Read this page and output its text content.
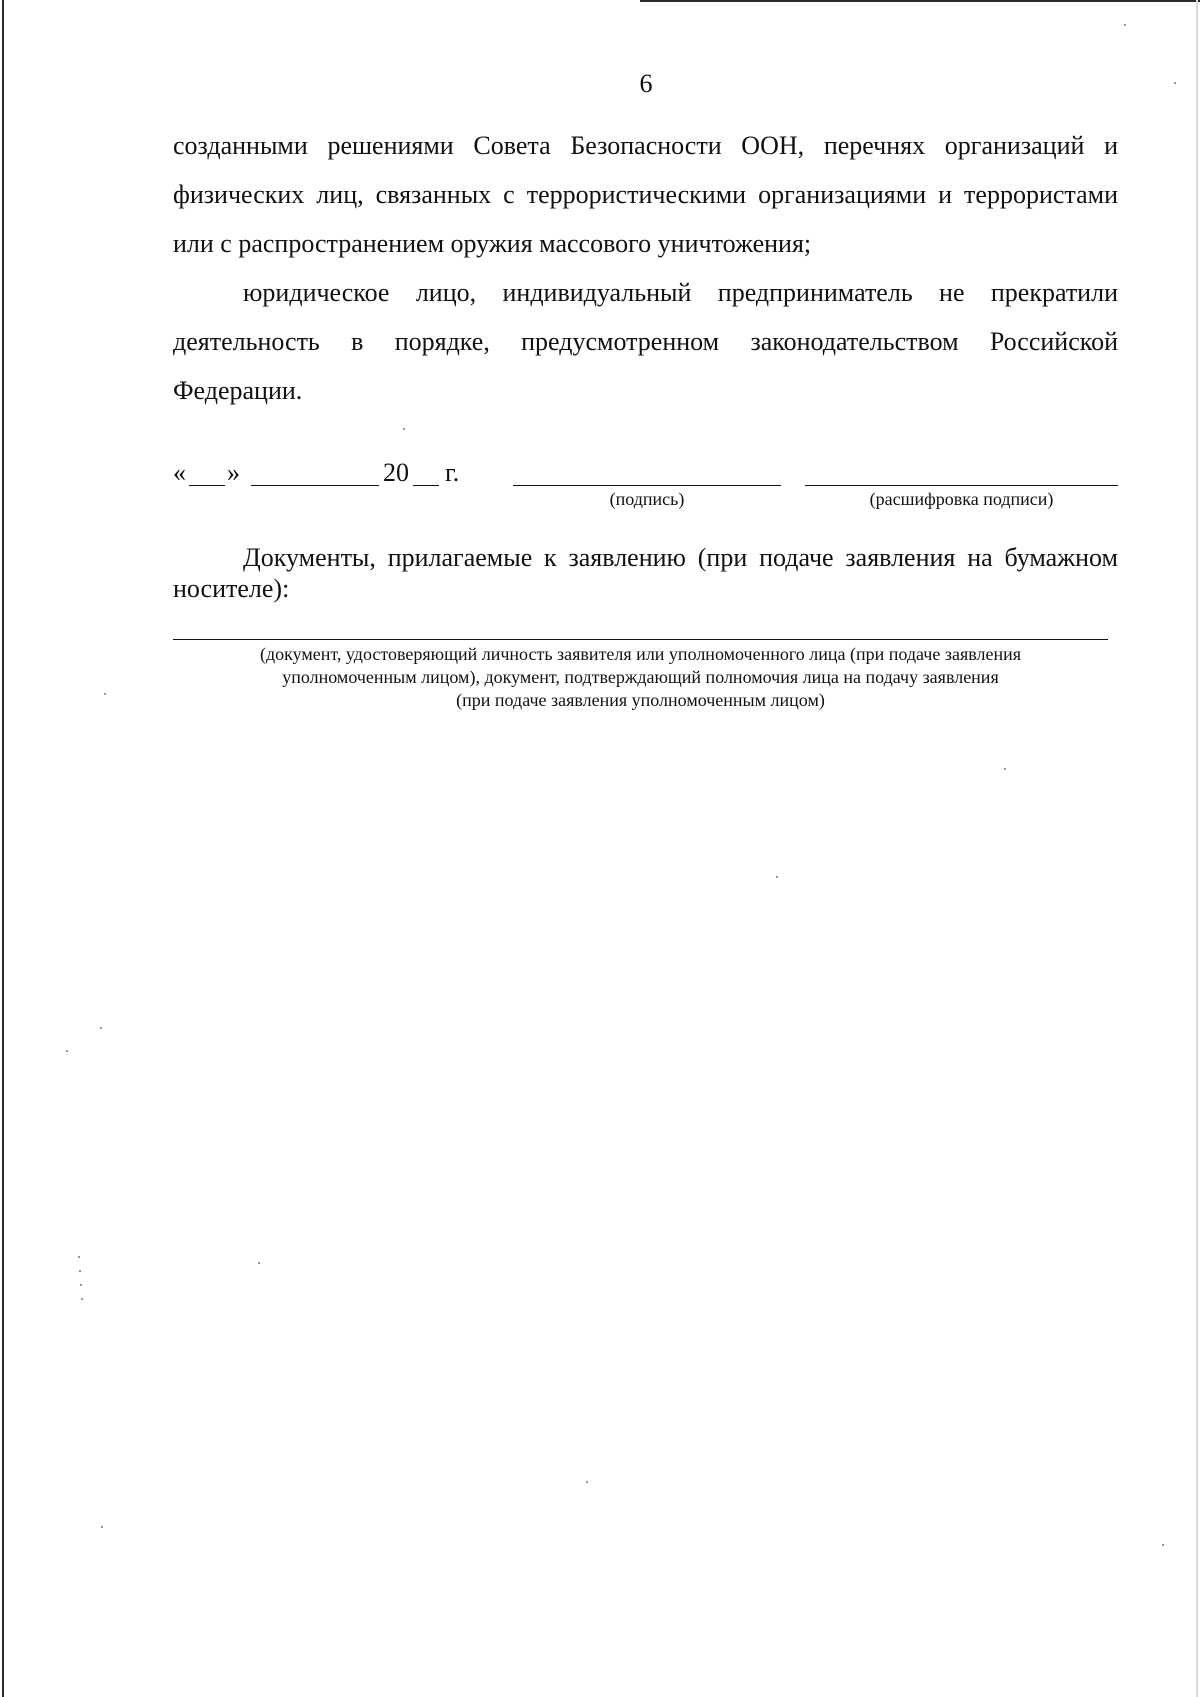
6

созданными решениями Совета Безопасности ООН, перечнях организаций и физических лиц, связанных с террористическими организациями и террористами или с распространением оружия массового уничтожения;

юридическое лицо, индивидуальный предприниматель не прекратили деятельность в порядке, предусмотренном законодательством Российской Федерации.

« »	20 г.
(подпись)	(расшифровка подписи)

Документы, прилагаемые к заявлению (при подаче заявления на бумажном носителе):

(документ, удостоверяющий личность заявителя или уполномоченного лица (при подаче заявления
уполномоченным лицом), документ, подтверждающий полномочия лица на подачу заявления
(при подаче заявления уполномоченным лицом)
